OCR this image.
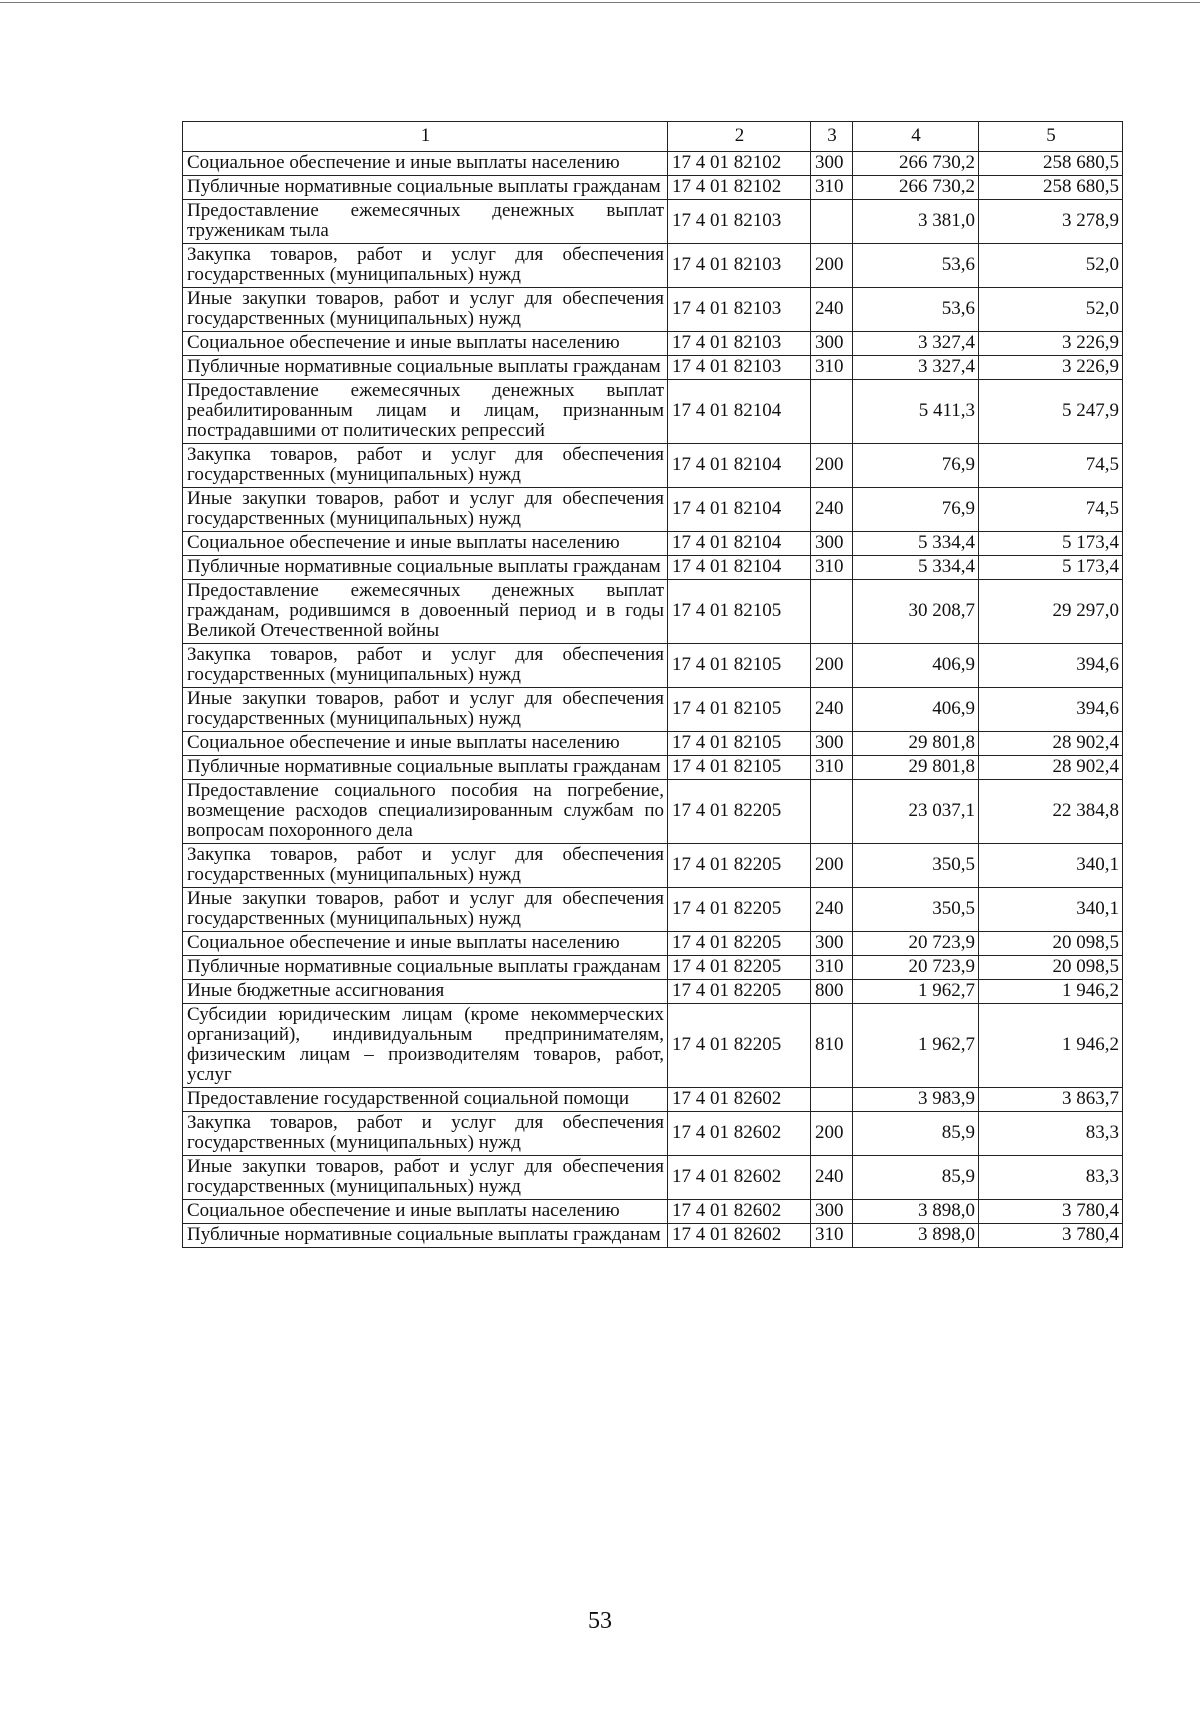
1	2	3	4	5
Социальное обеспечение и иные выплаты населению	17 4 01 82102	300	266 730,2	258 680,5
Публичные нормативные социальные выплаты гражданам	17 4 01 82102	310	266 730,2	258 680,5
Предоставление ежемесячных денежных выплат труженикам тыла	17 4 01 82103		3 381,0	3 278,9
Закупка товаров, работ и услуг для обеспечения государственных (муниципальных) нужд	17 4 01 82103	200	53,6	52,0
Иные закупки товаров, работ и услуг для обеспечения государственных (муниципальных) нужд	17 4 01 82103	240	53,6	52,0
Социальное обеспечение и иные выплаты населению	17 4 01 82103	300	3 327,4	3 226,9
Публичные нормативные социальные выплаты гражданам	17 4 01 82103	310	3 327,4	3 226,9
Предоставление ежемесячных денежных выплат реабилитированным лицам и лицам, признанным пострадавшими от политических репрессий	17 4 01 82104		5 411,3	5 247,9
Закупка товаров, работ и услуг для обеспечения государственных (муниципальных) нужд	17 4 01 82104	200	76,9	74,5
Иные закупки товаров, работ и услуг для обеспечения государственных (муниципальных) нужд	17 4 01 82104	240	76,9	74,5
Социальное обеспечение и иные выплаты населению	17 4 01 82104	300	5 334,4	5 173,4
Публичные нормативные социальные выплаты гражданам	17 4 01 82104	310	5 334,4	5 173,4
Предоставление ежемесячных денежных выплат гражданам, родившимся в довоенный период и в годы Великой Отечественной войны	17 4 01 82105		30 208,7	29 297,0
Закупка товаров, работ и услуг для обеспечения государственных (муниципальных) нужд	17 4 01 82105	200	406,9	394,6
Иные закупки товаров, работ и услуг для обеспечения государственных (муниципальных) нужд	17 4 01 82105	240	406,9	394,6
Социальное обеспечение и иные выплаты населению	17 4 01 82105	300	29 801,8	28 902,4
Публичные нормативные социальные выплаты гражданам	17 4 01 82105	310	29 801,8	28 902,4
Предоставление социального пособия на погребение, возмещение расходов специализированным службам по вопросам похоронного дела	17 4 01 82205		23 037,1	22 384,8
Закупка товаров, работ и услуг для обеспечения государственных (муниципальных) нужд	17 4 01 82205	200	350,5	340,1
Иные закупки товаров, работ и услуг для обеспечения государственных (муниципальных) нужд	17 4 01 82205	240	350,5	340,1
Социальное обеспечение и иные выплаты населению	17 4 01 82205	300	20 723,9	20 098,5
Публичные нормативные социальные выплаты гражданам	17 4 01 82205	310	20 723,9	20 098,5
Иные бюджетные ассигнования	17 4 01 82205	800	1 962,7	1 946,2
Субсидии юридическим лицам (кроме некоммерческих организаций), индивидуальным предпринимателям, физическим лицам – производителям товаров, работ, услуг	17 4 01 82205	810	1 962,7	1 946,2
Предоставление государственной социальной помощи	17 4 01 82602		3 983,9	3 863,7
Закупка товаров, работ и услуг для обеспечения государственных (муниципальных) нужд	17 4 01 82602	200	85,9	83,3
Иные закупки товаров, работ и услуг для обеспечения государственных (муниципальных) нужд	17 4 01 82602	240	85,9	83,3
Социальное обеспечение и иные выплаты населению	17 4 01 82602	300	3 898,0	3 780,4
Публичные нормативные социальные выплаты гражданам	17 4 01 82602	310	3 898,0	3 780,4
53
